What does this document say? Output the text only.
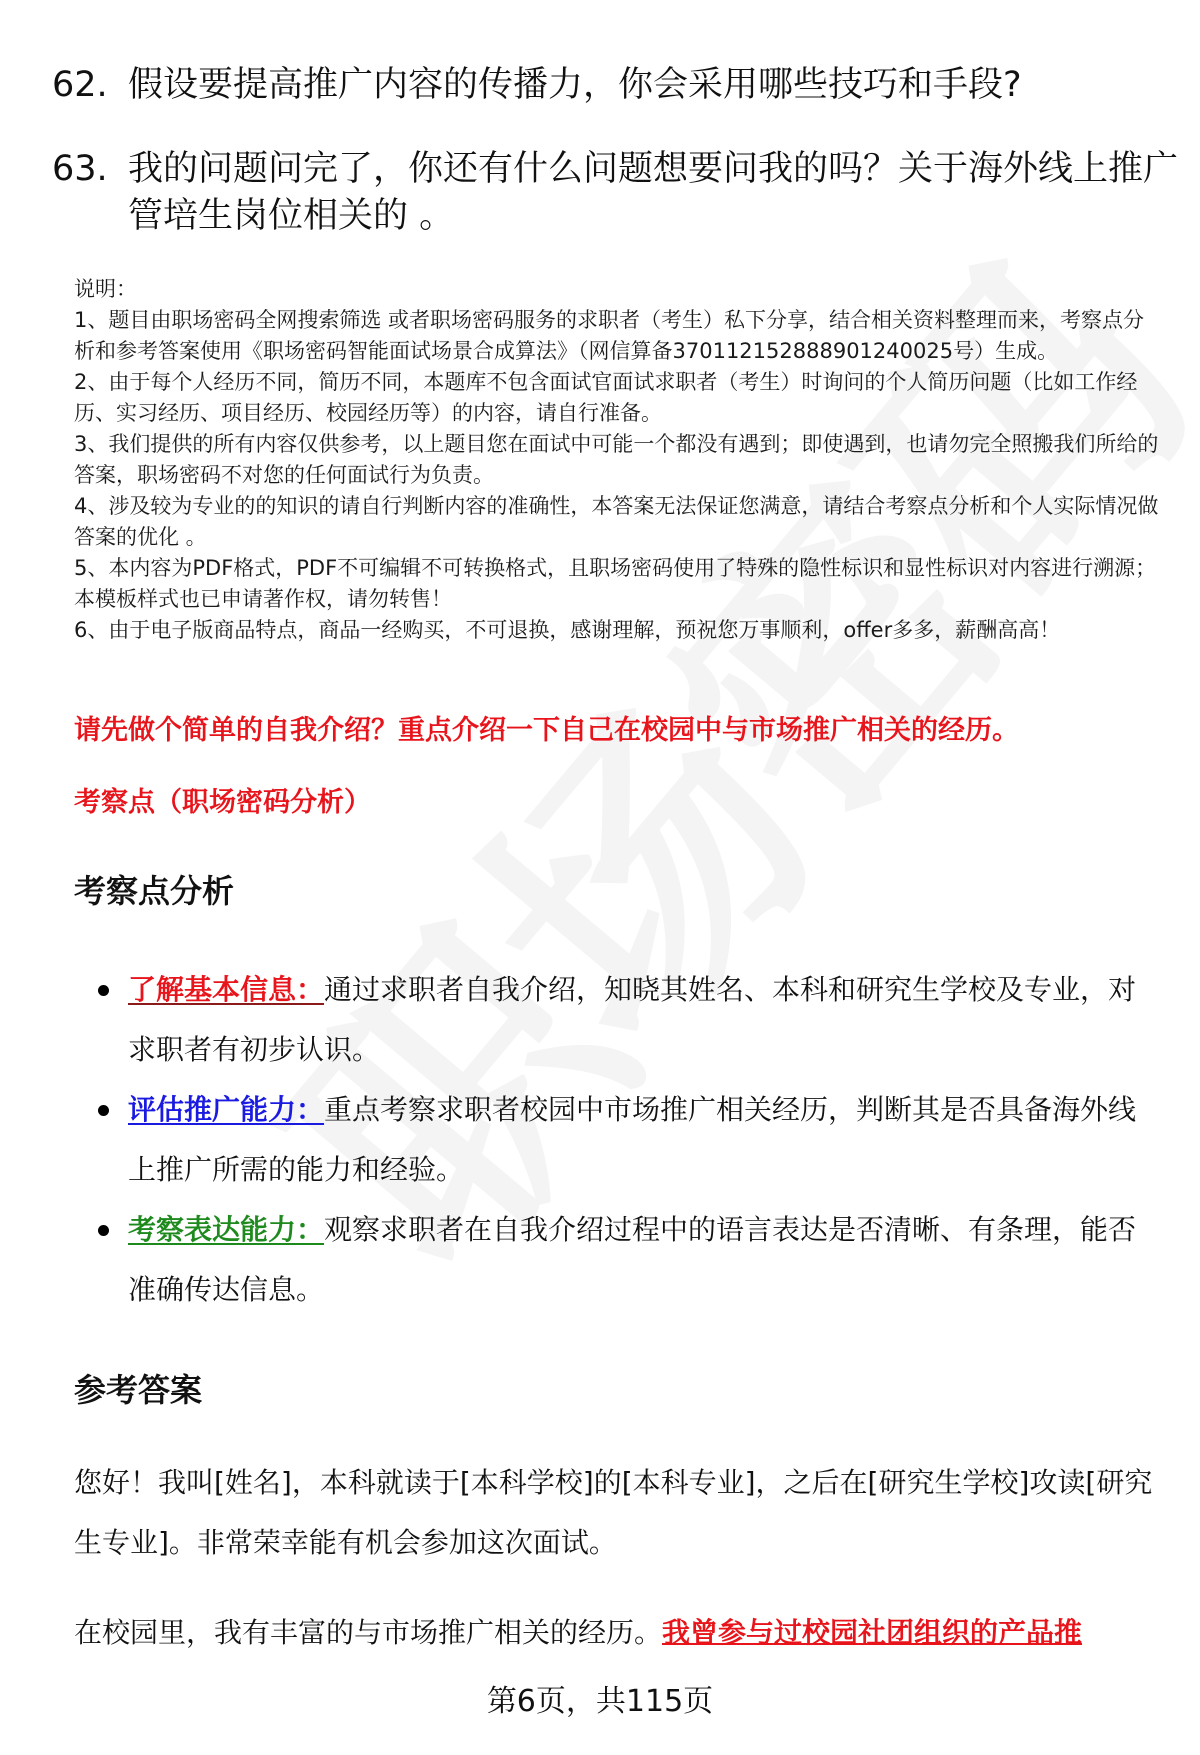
62. 假设要提高推广内容的传播力，你会采用哪些技巧和手段?
63. 我的问题问完了，你还有什么问题想要问我的吗？关于海外线上推广管培生岗位相关的 。

说明：

1、题目由职场密码全网搜索筛选 或者职场密码服务的求职者（考生）私下分享，结合相关资料整理而来，考察点分析和参考答案使用《职场密码智能面试场景合成算法》（网信算备370112152888901240025号）生成。

2、由于每个人经历不同，简历不同，本题库不包含面试官面试求职者（考生）时询问的个人简历问题（比如工作经历、实习经历、项目经历、校园经历等）的内容，请自行准备。

3、我们提供的所有内容仅供参考，以上题目您在面试中可能一个都没有遇到；即使遇到，也请勿完全照搬我们所给的答案，职场密码不对您的任何面试行为负责。

4、涉及较为专业的的知识的请自行判断内容的准确性，本答案无法保证您满意，请结合考察点分析和个人实际情况做答案的优化 。

5、本内容为PDF格式，PDF不可编辑不可转换格式，且职场密码使用了特殊的隐性标识和显性标识对内容进行溯源；本模板样式也已申请著作权，请勿转售！

6、由于电子版商品特点，商品一经购买，不可退换，感谢理解，预祝您万事顺利，offer多多，薪酬高高！

请先做个简单的自我介绍？重点介绍一下自己在校园中与市场推广相关的经历。
考察点（职场密码分析）
考察点分析
了解基本信息：通过求职者自我介绍，知晓其姓名、本科和研究生学校及专业，对求职者有初步认识。
评估推广能力：重点考察求职者校园中市场推广相关经历，判断其是否具备海外线上推广所需的能力和经验。
考察表达能力：观察求职者在自我介绍过程中的语言表达是否清晰、有条理，能否准确传达信息。
参考答案
您好！我叫[姓名]，本科就读于[本科学校]的[本科专业]，之后在[研究生学校]攻读[研究生专业]。非常荣幸能有机会参加这次面试。
在校园里，我有丰富的与市场推广相关的经历。我曾参与过校园社团组织的产品推
第6页，共115页
